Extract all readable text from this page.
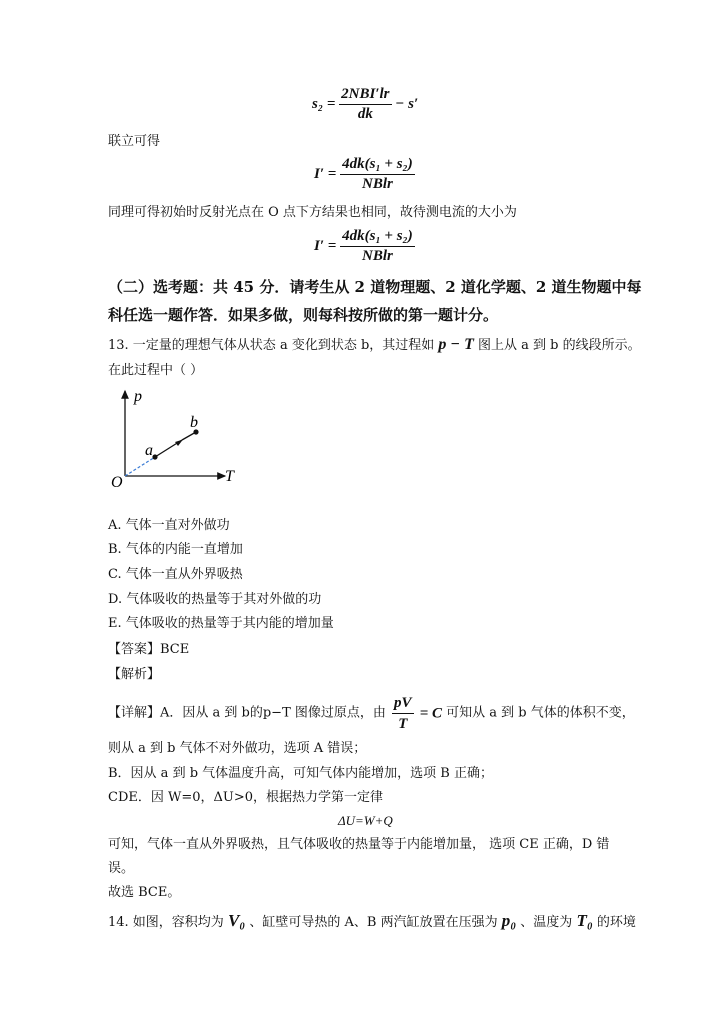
$s_2 = \frac{\text{2NBI′lr}}{dk} - s'$
联立可得
$I' = \frac{\text{4dk(s₁ + s₂)}}{\text{NBlr}}$
同理可得初始时反射光点在 O 点下方结果也相同，故待测电流的大小为
$I' = \frac{\text{4dk(s₁ + s₂)}}{\text{NBlr}}$
（二）选考题：共 45 分．请考生从 2 道物理题、2 道化学题、2 道生物题中每
科任选一题作答．如果多做，则每科按所做的第一题计分。
13. 一定量的理想气体从状态 a 变化到状态 b，其过程如 p − T 图上从 a 到 b 的线段所示。
在此过程中（ ）
p
T
O
a
b
A. 气体一直对外做功
B. 气体的内能一直增加
C. 气体一直从外界吸热
D. 气体吸收的热量等于其对外做的功
E. 气体吸收的热量等于其内能的增加量
【答案】BCE
【解析】
【详解】A．因从 a 到 b的p−T 图像过原点，由 $\frac{pV}{T} = C$ 可知从 a 到 b 气体的体积不变，
则从 a 到 b 气体不对外做功，选项 A 错误；
B．因从 a 到 b 气体温度升高，可知气体内能增加，选项 B 正确；
CDE．因 W=0，ΔU>0，根据热力学第一定律
ΔU=W+Q
可知，气体一直从外界吸热，且气体吸收的热量等于内能增加量， 选项 CE 正确，D 错
误。
故选 BCE。
14. 如图，容积均为 V₀ 、缸壁可导热的 A、B 两汽缸放置在压强为 p₀ 、温度为 T₀ 的环境
